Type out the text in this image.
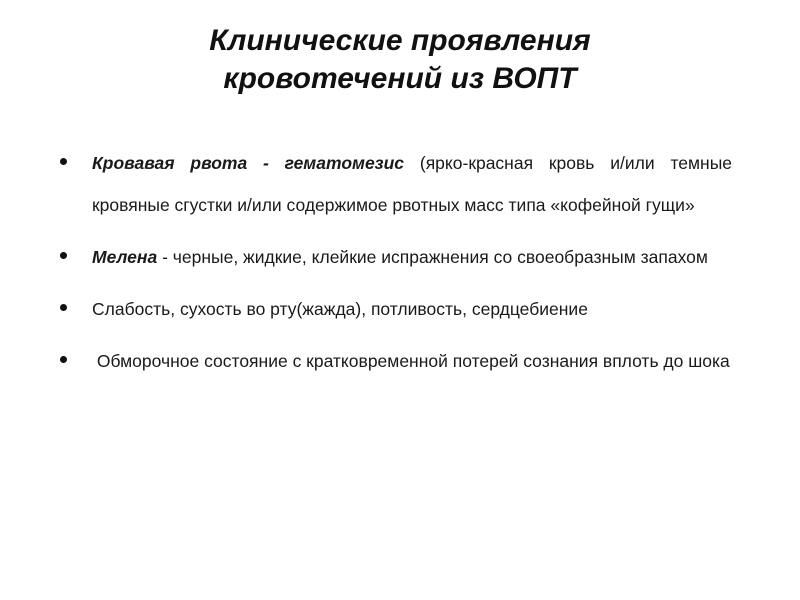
Клинические проявления
кровотечений из ВОПТ
Кровавая рвота - гематомезис (ярко-красная кровь и/или темные кровяные сгустки и/или содержимое рвотных масс типа «кофейной гущи»
Мелена - черные, жидкие, клейкие испражнения со своеобразным запахом
Слабость, сухость во рту(жажда), потливость, сердцебиение
Обморочное состояние с кратковременной потерей сознания вплоть до шока
